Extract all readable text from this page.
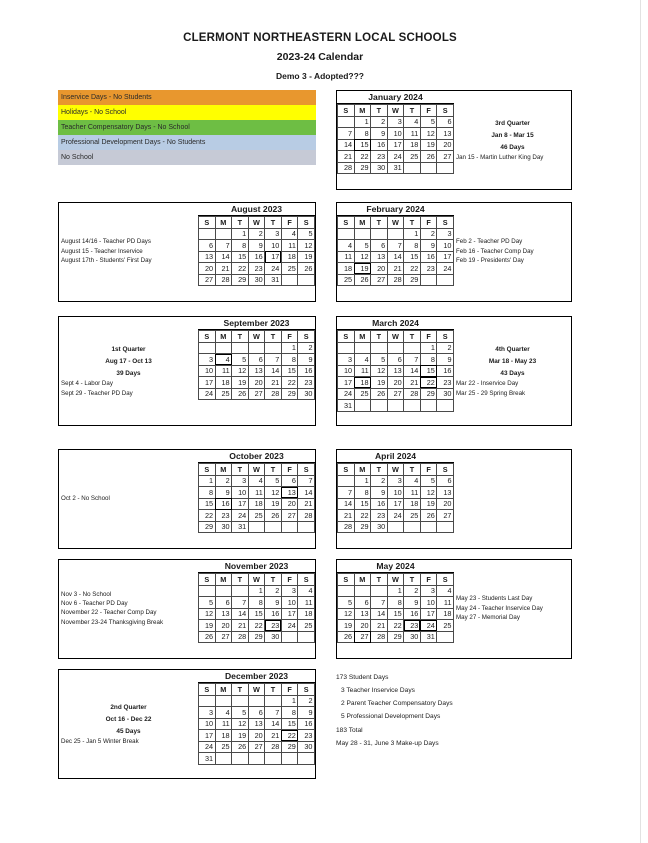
CLERMONT NORTHEASTERN LOCAL SCHOOLS
2023-24 Calendar
Demo 3 - Adopted???
Inservice Days - No Students
Holidays - No School
Teacher Compensatory Days - No School
Professional Development Days - No Students
No School
January 2024
S	M	T	W	T	F	S
	1	2	3	4	5	6
7	8	9	10	11	12	13
14	15	16	17	18	19	20
21	22	23	24	25	26	27
28	29	30	31			
3rd Quarter
Jan 8 - Mar 15
46 Days
Jan 15 - Martin Luther King Day
August 14/16 - Teacher PD Days
August 15 - Teacher Inservice
August 17th - Students' First Day
August 2023
S	M	T	W	T	F	S
		1	2	3	4	5
6	7	8	9	10	11	12
13	14	15	16	17	18	19
20	21	22	23	24	25	26
27	28	29	30	31		
February 2024
S	M	T	W	T	F	S
				1	2	3
4	5	6	7	8	9	10
11	12	13	14	15	16	17
18	19	20	21	22	23	24
25	26	27	28	29		
Feb 2 - Teacher PD Day
Feb 16 - Teacher Comp Day
Feb 19 - Presidents' Day
1st Quarter
Aug 17 - Oct 13
39 Days
Sept 4 - Labor Day
Sept 29 - Teacher PD Day
September 2023
S	M	T	W	T	F	S
					1	2
3	4	5	6	7	8	9
10	11	12	13	14	15	16
17	18	19	20	21	22	23
24	25	26	27	28	29	30
March 2024
S	M	T	W	T	F	S
					1	2
3	4	5	6	7	8	9
10	11	12	13	14	15	16
17	18	19	20	21	22	23
24	25	26	27	28	29	30
31						
4th Quarter
Mar 18 - May 23
43 Days
Mar 22 - Inservice Day
Mar 25 - 29 Spring Break
Oct 2 - No School
October 2023
S	M	T	W	T	F	S
1	2	3	4	5	6	7
8	9	10	11	12	13	14
15	16	17	18	19	20	21
22	23	24	25	26	27	28
29	30	31				
April 2024
S	M	T	W	T	F	S
	1	2	3	4	5	6
7	8	9	10	11	12	13
14	15	16	17	18	19	20
21	22	23	24	25	26	27
28	29	30				
Nov 3 - No School
Nov 6 - Teacher PD Day
November 22 - Teacher Comp Day
November 23-24 Thanksgiving Break
November 2023
S	M	T	W	T	F	S
			1	2	3	4
5	6	7	8	9	10	11
12	13	14	15	16	17	18
19	20	21	22	23	24	25
26	27	28	29	30		
May 2024
S	M	T	W	T	F	S
			1	2	3	4
5	6	7	8	9	10	11
12	13	14	15	16	17	18
19	20	21	22	23	24	25
26	27	28	29	30	31	
May 23 - Students Last Day
May 24 - Teacher Inservice Day
May 27 - Memorial Day
2nd Quarter
Oct 16 - Dec 22
45 Days
Dec 25 - Jan 5 Winter Break
December 2023
S	M	T	W	T	F	S
					1	2
3	4	5	6	7	8	9
10	11	12	13	14	15	16
17	18	19	20	21	22	23
24	25	26	27	28	29	30
31						
173 Student Days
3 Teacher Inservice Days
2 Parent Teacher Compensatory Days
5 Professional Development Days
183 Total
May 28 - 31, June 3 Make-up Days
